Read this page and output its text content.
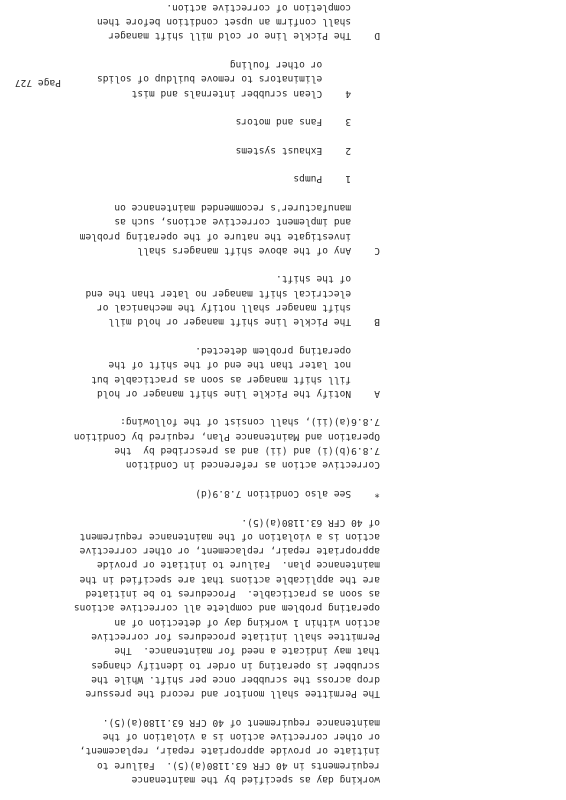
working day as specified by the maintenance
requirements in 40 CFR 63.1180(a)(5).  Failure to
initiate or provide appropriate repair, replacement,
or other corrective action is a violation of the
maintenance requirement of 40 CFR 63.1180(a)(5).
The Permittee shall monitor and record the pressure
drop across the scrubber once per shift. While the
scrubber is operating in order to identify changes
that may indicate a need for maintenance.  The
Permittee shall initiate procedures for corrective
action within 1 working day of detection of an
operating problem and complete all corrective actions
as soon as practicable.  Procedures to be initiated
are the applicable actions that are specified in the
maintenance plan.  Failure to initiate or provide
appropriate repair, replacement, or other corrective
action is a violation of the maintenance requirement
of 40 CFR 63.1180(a)(5).
*    See also Condition 7.8.9(d)
Corrective action as referenced in Condition
7.8.9(b)(i) and (ii) and as prescribed by  the
Operation and Maintenance Plan, required by Condition
7.8.6(a)(ii), shall consist of the following:
A    Notify the Pickle line shift manager or hold
fill shift manager as soon as practicable but
not later than the end of the shift of the
operating problem detected.
B    The Pickle line shift manager or hold mill
shift manager shall notify the mechanical or
electrical shift manager no later than the end
of the shift.
C    Any of the above shift managers shall
investigate the nature of the operating problem
and implement corrective actions, such as
manufacturer's recommended maintenance on
1    Pumps
2    Exhaust systems
3    Fans and motors
4    Clean scrubber internals and mist
eliminators to remove buildup of solids
or other fouling
D    The Pickle line or cold mill shift manager
shall confirm an upset condition before then
completion of corrective action.

Page 727
